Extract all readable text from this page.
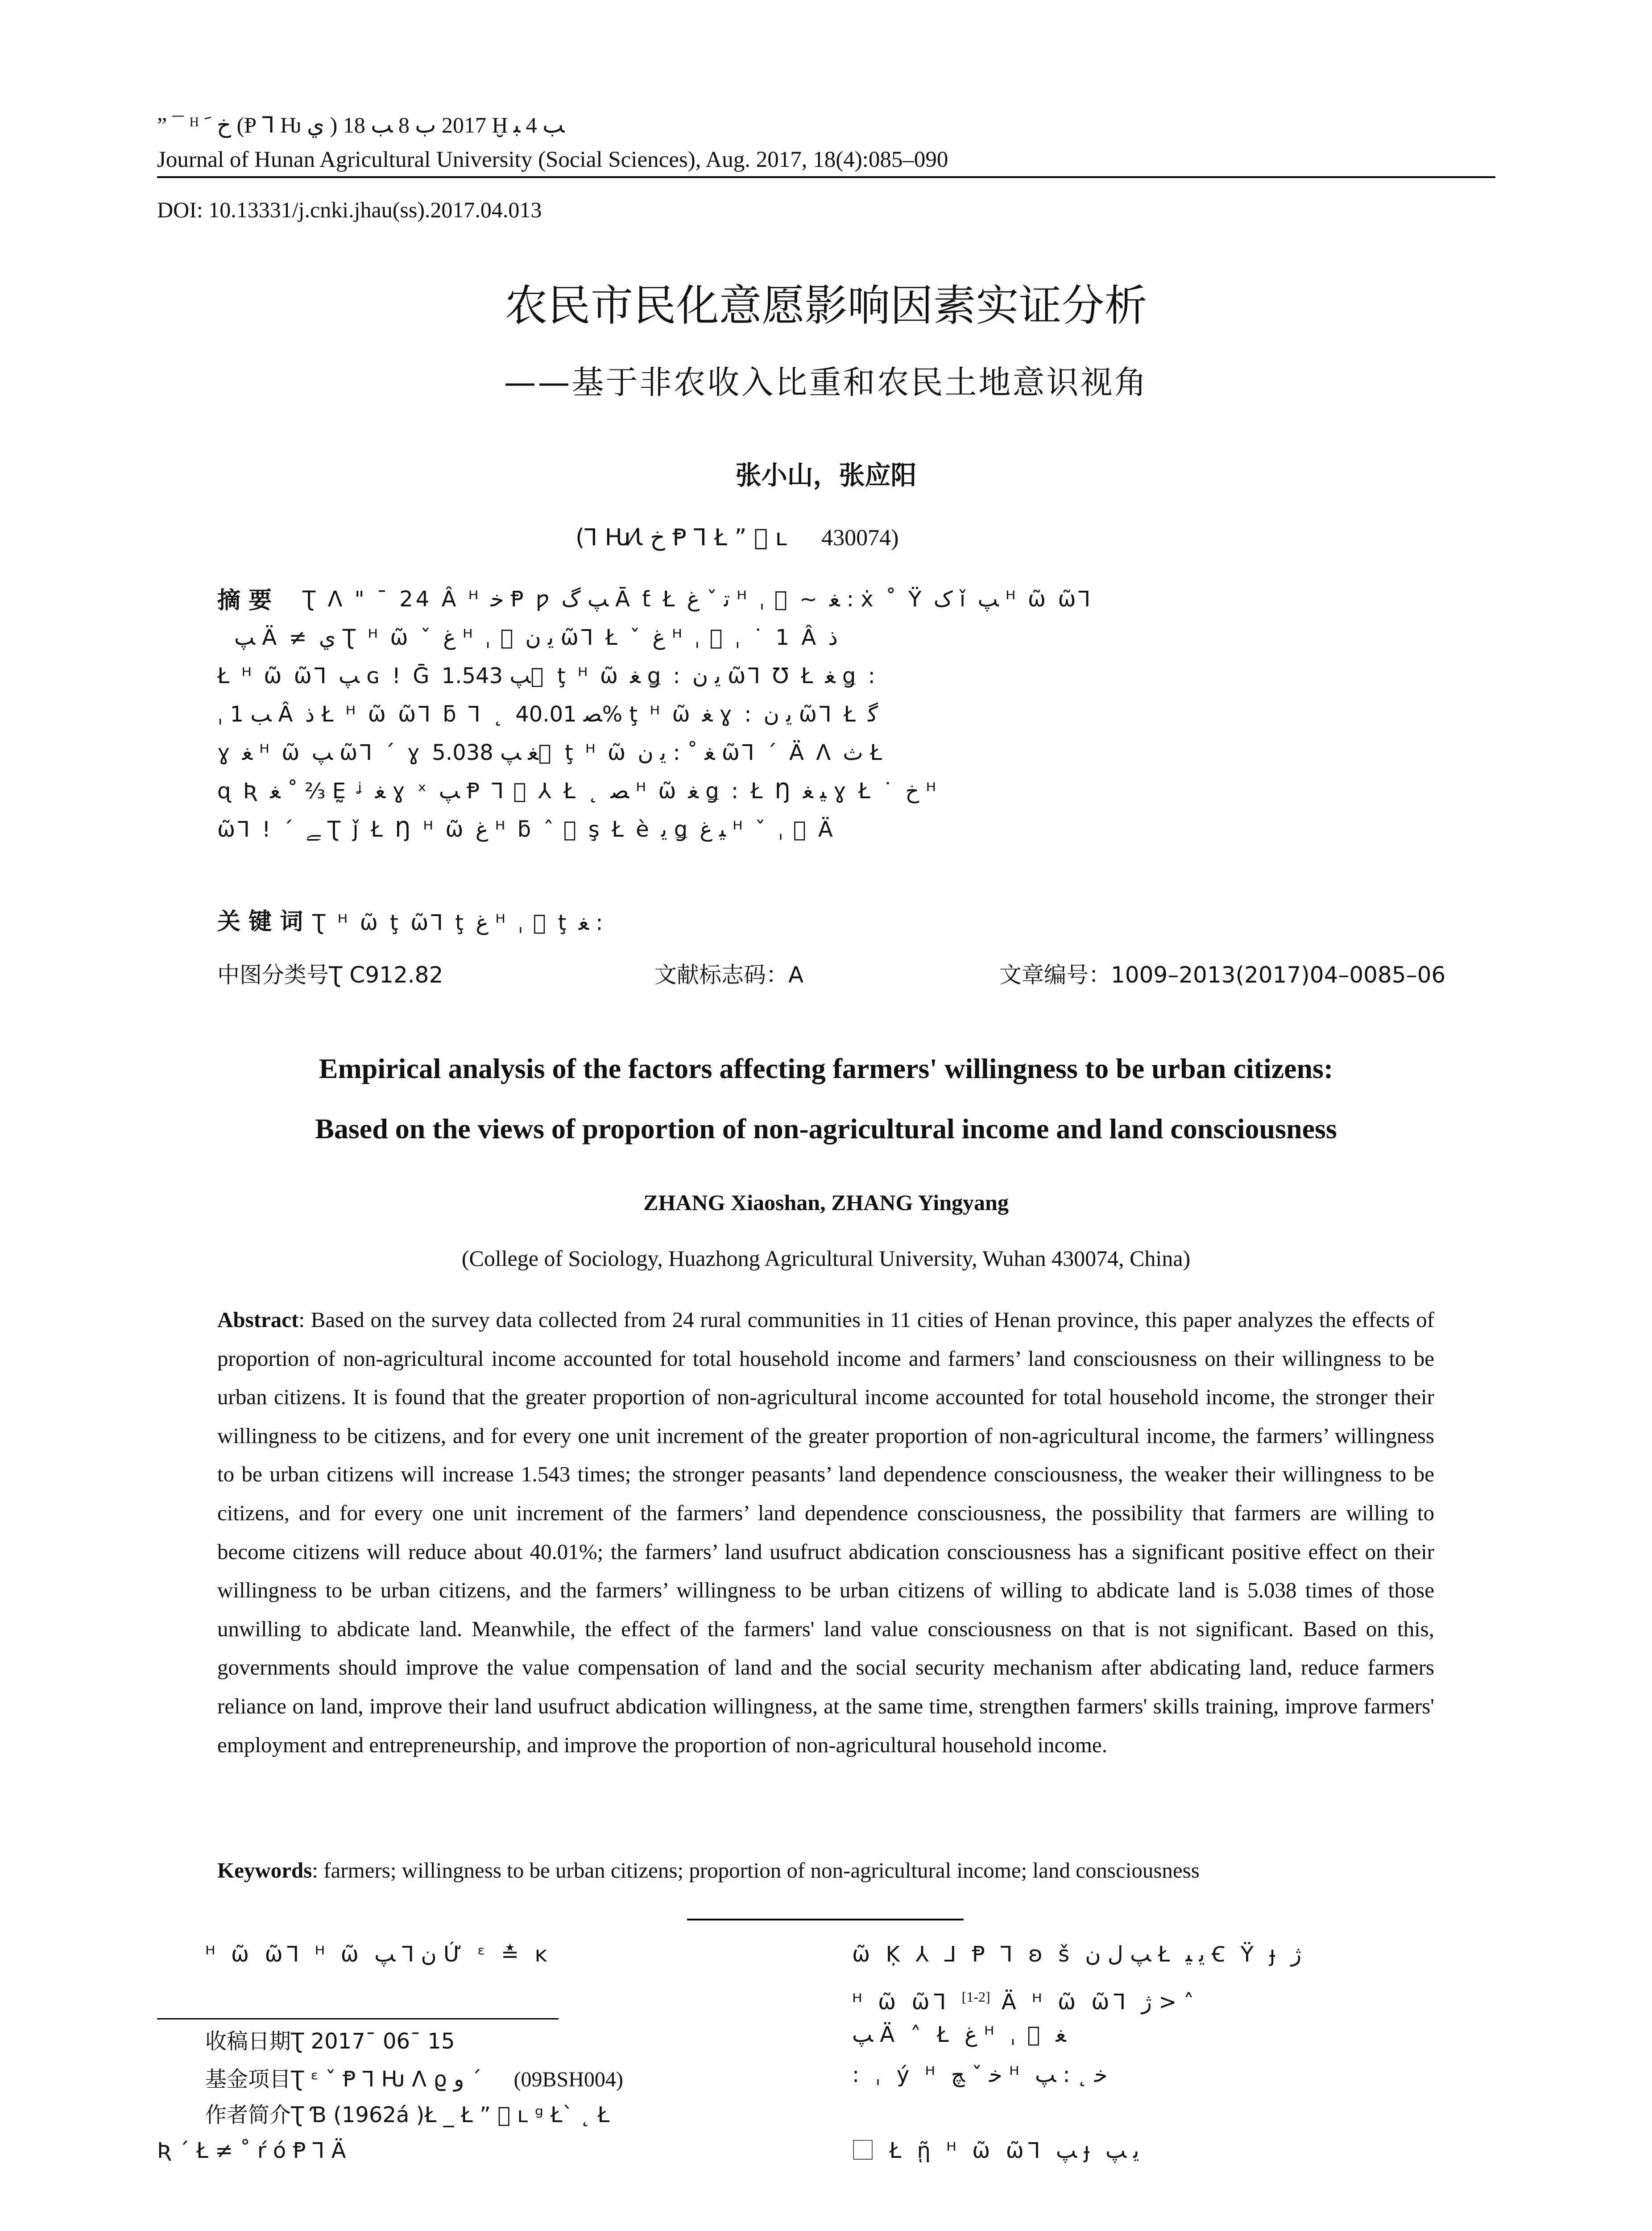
” ¯ ᴴ ﺥ ﹶ (Ᵽ ⅂ Ƕ ي ) 2017 ب 8 ﺐ 18 Ḫ ﺐ 4 ﺒ
Journal of Hunan Agricultural University (Social Sciences), Aug. 2017, 18(4):085–090
DOI: 10.13331/j.cnki.jhau(ss).2017.04.013
农民市民化意愿影响因素实证分析
——基于非农收入比重和农民土地意识视角
张小山，张应阳
(⅂ Ƕ⁄Ɩ ﺥ Ᵽ ⅂ Ł ” ⃞ ʟ 430074)
摘 要 Ʈ Ʌ " ¯ 24 Â ᴴ ﺧ Ᵽ ƿ ﭗ ﮒ Ā ƭ Ł ﺗ ˇ ﻍ ᴴ ˌ ⃞ ~ ﻐ : ẋ ˚ Ÿ ﮎ ǐ ﭗ ᴴ ῶ ῶ⅂
ﭗ Ä ≠ ﻱ Ʈ ᴴ ῶ ˇ ﻍ ᴴ ˌ ⃞ ﻳ ﻥ ῶ⅂ Ł ˇ ﻍ ᴴ ˌ ⃞ ˌ ˙ 1 Â ﺫ
Ł ᴴ ῶ ῶ⅂ ﭗ ɢ ! Ḡ ﭗ 1.543 ⃞ ţ ᴴ ῶ ﻐ ǥ : ﻳ ﻥ ῶ⅂ Ʊ Ł ﻐ ǥ :
ˌ ﺐ 1 Â ﺫ Ł ᴴ ῶ ῶ⅂ ƃ ⅂ ˛ ﺼ 40.01% ţ ᴴ ῶ ﻐ ɣ : ﻳ ﻥ ῶ⅂ Ł ﮔ
ɣ ﻐ ᴴ ῶ ﭗ ῶ⅂ ˊ ɣ ﻐ ﭗ 5.038 ⃞ ţ ᴴ ῶ ﻐ ˚ : ﻳ ﻥ ῶ⅂ ˊ Ä Ʌ ﺙ Ł
ɋ Ʀ ﻐ ˚ ⅔ Ḛ ᶨ ﻐ ɣ ˣ ﭗ Ᵽ ⅂ ⃞ ⅄ Ł ˛ ﺼ ᴴ ῶ ﻐ ǥ : Ł Ŋ ﻴ ﻐ ɣ Ł ˙ ﺥ ᴴ
ῶ⅂ ! ˊ ﮯ Ʈ ǰ Ł Ŋ ᴴ ῶ ﻍ ᴴ ƃ ˆ ⃞ ş Ł è ﻳ ǥ ﻴ ﻍ ᴴ ˇ ˌ ⃞ Ä
关 键 词 Ʈ ᴴ ῶ ţ ῶ⅂ ţ ﻍ ᴴ ˌ ⃞ ţ ﻐ :
中图分类号Ʈ C912.82	文献标志码：A	文章编号：1009–2013(2017)04–0085–06
Empirical analysis of the factors affecting farmers' willingness to be urban citizens:
Based on the views of proportion of non-agricultural income and land consciousness
ZHANG Xiaoshan, ZHANG Yingyang
(College of Sociology, Huazhong Agricultural University, Wuhan 430074, China)
Abstract: Based on the survey data collected from 24 rural communities in 11 cities of Henan province, this paper analyzes the effects of proportion of non-agricultural income accounted for total household income and farmers’ land consciousness on their willingness to be urban citizens. It is found that the greater proportion of non-agricultural income accounted for total household income, the stronger their willingness to be citizens, and for every one unit increment of the greater proportion of non-agricultural income, the farmers’ willingness to be urban citizens will increase 1.543 times; the stronger peasants’ land dependence consciousness, the weaker their willingness to be citizens, and for every one unit increment of the farmers’ land dependence consciousness, the possibility that farmers are willing to become citizens will reduce about 40.01%; the farmers’ land usufruct abdication consciousness has a significant positive effect on their willingness to be urban citizens, and the farmers’ willingness to be urban citizens of willing to abdicate land is 5.038 times of those unwilling to abdicate land. Meanwhile, the effect of the farmers' land value consciousness on that is not significant. Based on this, governments should improve the value compensation of land and the social security mechanism after abdicating land, reduce farmers reliance on land, improve their land usufruct abdication willingness, at the same time, strengthen farmers' skills training, improve farmers' employment and entrepreneurship, and improve the proportion of non-agricultural household income.
Keywords: farmers; willingness to be urban citizens; proportion of non-agricultural income; land consciousness
ᴴ ῶ ῶ⅂ ᴴ ῶ ﻥ ⅂ ﭗ Ứ ᵋ ≛ ĸ
收稿日期Ʈ 2017ˉ 06ˉ 15
基金项目Ʈ ᵋ ˇ Ᵽ ⅂ Ƕ Ʌ ϱ ﻭ ˊ (09BSH004)
作者简介Ʈ Ɓ (1962á )Ł _ Ł ” ⃞ ʟ ᵍ Ł` ˛ Ł
Ʀ ˊ Ł ≠ ˚ ŕ ó Ᵽ ⅂ Ä
ῶ Ḳ ⅄ ⅃ Ᵽ ⅂ ʚ š ﭗ ﻝ ﻥ Ł ﻳ ﻴ Ꞓ Ÿ ɟ ﮊ
ᴴ ῶ ῶ⅂ [1-2] Ä ᴴ ῶ ῶ⅂ ﮊ > ˄
ﭗ Ä ˄ Ł ﻍ ᴴ ˌ ⃞ ﻐ
: ˌ ý ᴴ ﺧ ˇ ﭻ ᴴ ﺧ ˛ : ﭗ
⃞ Ł ῇ ᴴ ῶ ῶ⅂ ﭗ ɟ ﻳ ﭗ
